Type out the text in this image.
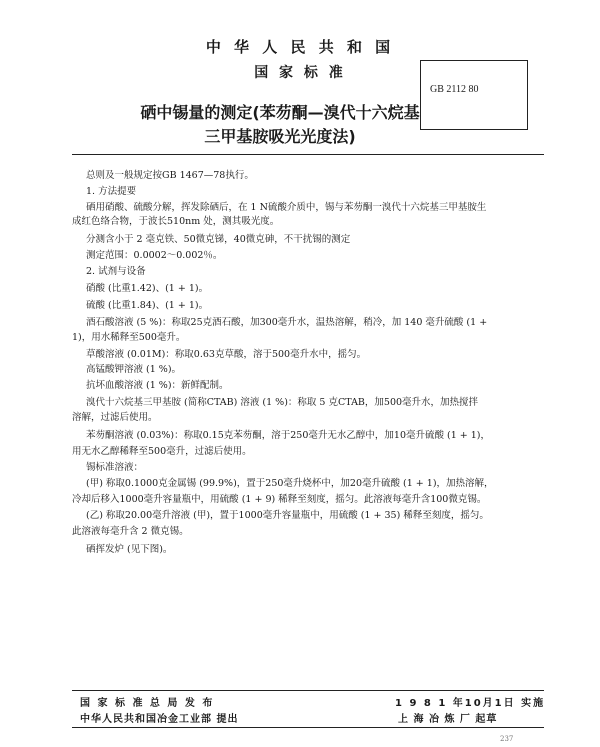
中 华 人 民 共 和 国
国 家 标 准
GB 2112 80
硒中锡量的测定(苯芴酮—溴代十六烷基
三甲基胺吸光光度法)
总则及一般规定按GB 1467—78执行。
1. 方法提要
硒用硝酸、硫酸分解，挥发除硒后，在 1 N硫酸介质中，锡与苯芴酮一溴代十六烷基三甲基胺生
成红色络合物，于波长510nm 处，测其吸光度。
分测含小于 2 毫克铁、50微克锑，40微克砷，不干扰锡的测定
测定范围：0.0002～0.002％。
2. 试剂与设备
硝酸 (比重1.42)、(1 + 1)。
硫酸 (比重1.84)、(1 + 1)。
酒石酸溶液 (5 %)：称取25克酒石酸，加300毫升水，温热溶解，稍冷，加 140 毫升硫酸 (1 +
1)，用水稀释至500毫升。
草酸溶液 (0.01M)：称取0.63克草酸，溶于500毫升水中，摇匀。
高锰酸钾溶液 (1 %)。
抗坏血酸溶液 (1 %)：新鲜配制。
溴代十六烷基三甲基胺 (简称CTAB) 溶液 (1 %)：称取 5 克CTAB，加500毫升水，加热搅拌
溶解，过滤后使用。
苯芴酮溶液 (0.03%)：称取0.15克苯芴酮，溶于250毫升无水乙醇中，加10毫升硫酸 (1 + 1)，
用无水乙醇稀释至500毫升，过滤后使用。
锡标准溶液：
(甲) 称取0.1000克金属锡 (99.9%)，置于250毫升烧杯中，加20毫升硫酸 (1 + 1)，加热溶解，
冷却后移入1000毫升容量瓶中，用硫酸 (1 + 9) 稀释至刻度，摇匀。此溶液每毫升含100微克锡。
(乙) 称取20.00毫升溶液 (甲)，置于1000毫升容量瓶中，用硫酸 (1 + 35) 稀释至刻度，摇匀。
此溶液每毫升含 2 微克锡。
硒挥发炉 (见下图)。
国 家 标 准 总 局 发 布	1 9 8 1 年10月1日 实施
中华人民共和国冶金工业部 提出	上 海 冶 炼 厂 起草
237
